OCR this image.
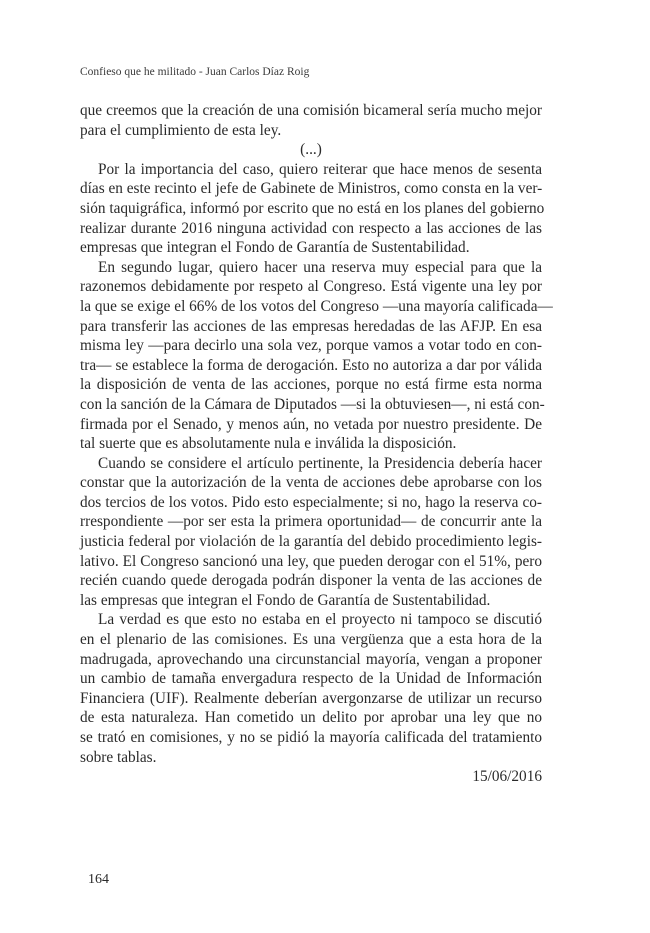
Confieso que he militado - Juan Carlos Díaz Roig
que creemos que la creación de una comisión bicameral sería mucho mejor
para el cumplimiento de esta ley.
(...)
Por la importancia del caso, quiero reiterar que hace menos de sesenta
días en este recinto el jefe de Gabinete de Ministros, como consta en la ver-
sión taquigráfica, informó por escrito que no está en los planes del gobierno
realizar durante 2016 ninguna actividad con respecto a las acciones de las
empresas que integran el Fondo de Garantía de Sustentabilidad.
En segundo lugar, quiero hacer una reserva muy especial para que la
razonemos debidamente por respeto al Congreso. Está vigente una ley por
la que se exige el 66% de los votos del Congreso —una mayoría calificada—
para transferir las acciones de las empresas heredadas de las AFJP. En esa
misma ley —para decirlo una sola vez, porque vamos a votar todo en con-
tra— se establece la forma de derogación. Esto no autoriza a dar por válida
la disposición de venta de las acciones, porque no está firme esta norma
con la sanción de la Cámara de Diputados —si la obtuviesen—, ni está con-
firmada por el Senado, y menos aún, no vetada por nuestro presidente. De
tal suerte que es absolutamente nula e inválida la disposición.
Cuando se considere el artículo pertinente, la Presidencia debería hacer
constar que la autorización de la venta de acciones debe aprobarse con los
dos tercios de los votos. Pido esto especialmente; si no, hago la reserva co-
rrespondiente —por ser esta la primera oportunidad— de concurrir ante la
justicia federal por violación de la garantía del debido procedimiento legis-
lativo. El Congreso sancionó una ley, que pueden derogar con el 51%, pero
recién cuando quede derogada podrán disponer la venta de las acciones de
las empresas que integran el Fondo de Garantía de Sustentabilidad.
La verdad es que esto no estaba en el proyecto ni tampoco se discutió
en el plenario de las comisiones. Es una vergüenza que a esta hora de la
madrugada, aprovechando una circunstancial mayoría, vengan a proponer
un cambio de tamaña envergadura respecto de la Unidad de Información
Financiera (UIF). Realmente deberían avergonzarse de utilizar un recurso
de esta naturaleza. Han cometido un delito por aprobar una ley que no
se trató en comisiones, y no se pidió la mayoría calificada del tratamiento
sobre tablas.
15/06/2016
164
